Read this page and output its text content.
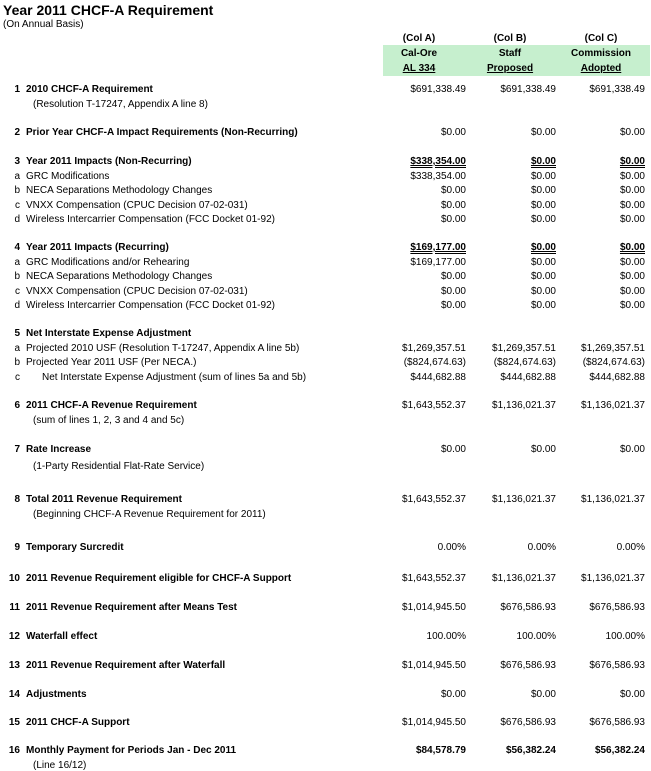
Year 2011 CHCF-A Requirement
(On Annual Basis)
(Col A)
Cal-Ore
AL 334
(Col B)
Staff
Proposed
(Col C)
Commission
Adopted
1 2010 CHCF-A Requirement	$691,338.49	$691,338.49	$691,338.49
(Resolution T-17247, Appendix A line 8)
2 Prior Year CHCF-A Impact Requirements (Non-Recurring)	$0.00	$0.00	$0.00
3 Year 2011 Impacts (Non-Recurring)	$338,354.00	$0.00	$0.00
a GRC Modifications	$338,354.00	$0.00	$0.00
b NECA Separations Methodology Changes	$0.00	$0.00	$0.00
c VNXX Compensation (CPUC Decision 07-02-031)	$0.00	$0.00	$0.00
d Wireless Intercarrier Compensation (FCC Docket 01-92)	$0.00	$0.00	$0.00
4 Year 2011 Impacts (Recurring)	$169,177.00	$0.00	$0.00
a GRC Modifications and/or Rehearing	$169,177.00	$0.00	$0.00
b NECA Separations Methodology Changes	$0.00	$0.00	$0.00
c VNXX Compensation (CPUC Decision 07-02-031)	$0.00	$0.00	$0.00
d Wireless Intercarrier Compensation (FCC Docket 01-92)	$0.00	$0.00	$0.00
5 Net Interstate Expense Adjustment
a Projected 2010 USF (Resolution T-17247, Appendix A line 5b)	$1,269,357.51	$1,269,357.51	$1,269,357.51
b Projected Year 2011 USF (Per NECA.)	($824,674.63)	($824,674.63)	($824,674.63)
c Net Interstate Expense Adjustment (sum of lines 5a and 5b)	$444,682.88	$444,682.88	$444,682.88
6 2011 CHCF-A Revenue Requirement	$1,643,552.37	$1,136,021.37	$1,136,021.37
(sum of lines 1, 2, 3 and 4 and 5c)
7 Rate Increase	$0.00	$0.00	$0.00
(1-Party Residential Flat-Rate Service)
8 Total 2011 Revenue Requirement	$1,643,552.37	$1,136,021.37	$1,136,021.37
(Beginning CHCF-A Revenue Requirement for 2011)
9 Temporary Surcredit	0.00%	0.00%	0.00%
10 2011 Revenue Requirement eligible for CHCF-A Support	$1,643,552.37	$1,136,021.37	$1,136,021.37
11 2011 Revenue Requirement after Means Test	$1,014,945.50	$676,586.93	$676,586.93
12 Waterfall effect	100.00%	100.00%	100.00%
13 2011 Revenue Requirement after Waterfall	$1,014,945.50	$676,586.93	$676,586.93
14 Adjustments	$0.00	$0.00	$0.00
15 2011 CHCF-A Support	$1,014,945.50	$676,586.93	$676,586.93
16 Monthly Payment for Periods Jan - Dec 2011	$84,578.79	$56,382.24	$56,382.24
(Line 16/12)
